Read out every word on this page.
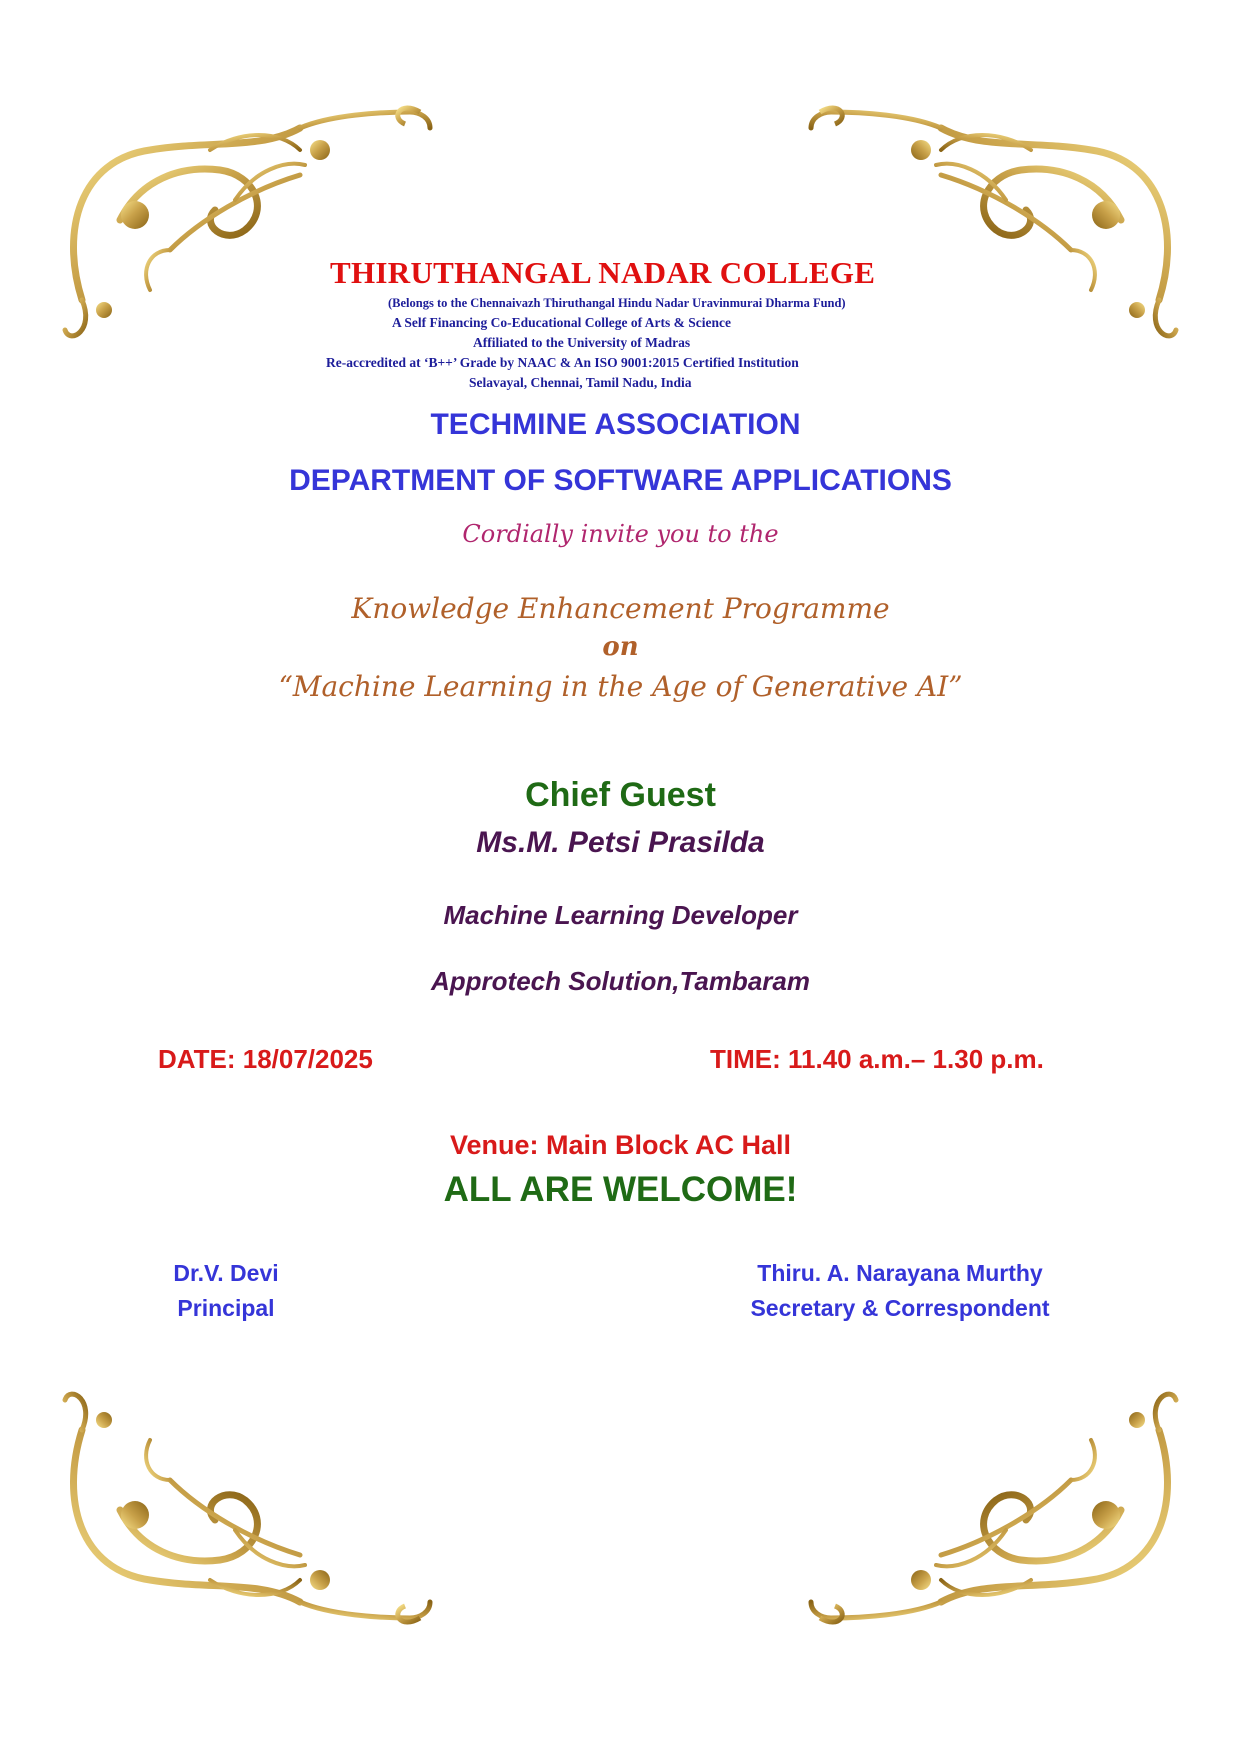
THIRUTHANGAL NADAR COLLEGE

(Belongs to the Chennaivazh Thiruthangal Hindu Nadar Uravinmurai Dharma Fund)

A Self Financing Co-Educational College of Arts & Science

Affiliated to the University of Madras

Re-accredited at ‘B++’ Grade by NAAC & An ISO 9001:2015 Certified Institution

Selavayal, Chennai, Tamil Nadu, India

TECHMINE ASSOCIATION

DEPARTMENT OF SOFTWARE APPLICATIONS

Cordially invite you to the

Knowledge Enhancement Programme

on

“Machine Learning in the Age of Generative AI”

Chief Guest

Ms.M. Petsi Prasilda

Machine Learning Developer

Approtech Solution,Tambaram

DATE: 18/07/2025	TIME: 11.40 a.m.– 1.30 p.m.

Venue: Main Block AC Hall

ALL ARE WELCOME!

Dr.V. Devi

Principal

Thiru. A. Narayana Murthy

Secretary & Correspondent
